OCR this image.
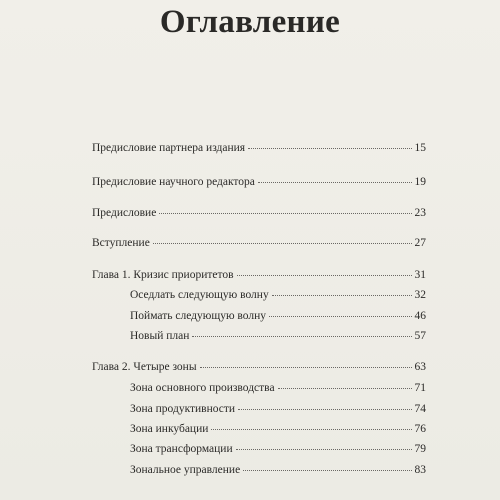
Оглавление
Предисловие партнера издания	15
Предисловие научного редактора	19
Предисловие	23
Вступление	27
Глава 1. Кризис приоритетов	31
Оседлать следующую волну	32
Поймать следующую волну	46
Новый план	57
Глава 2. Четыре зоны	63
Зона основного производства	71
Зона продуктивности	74
Зона инкубации	76
Зона трансформации	79
Зональное управление	83
